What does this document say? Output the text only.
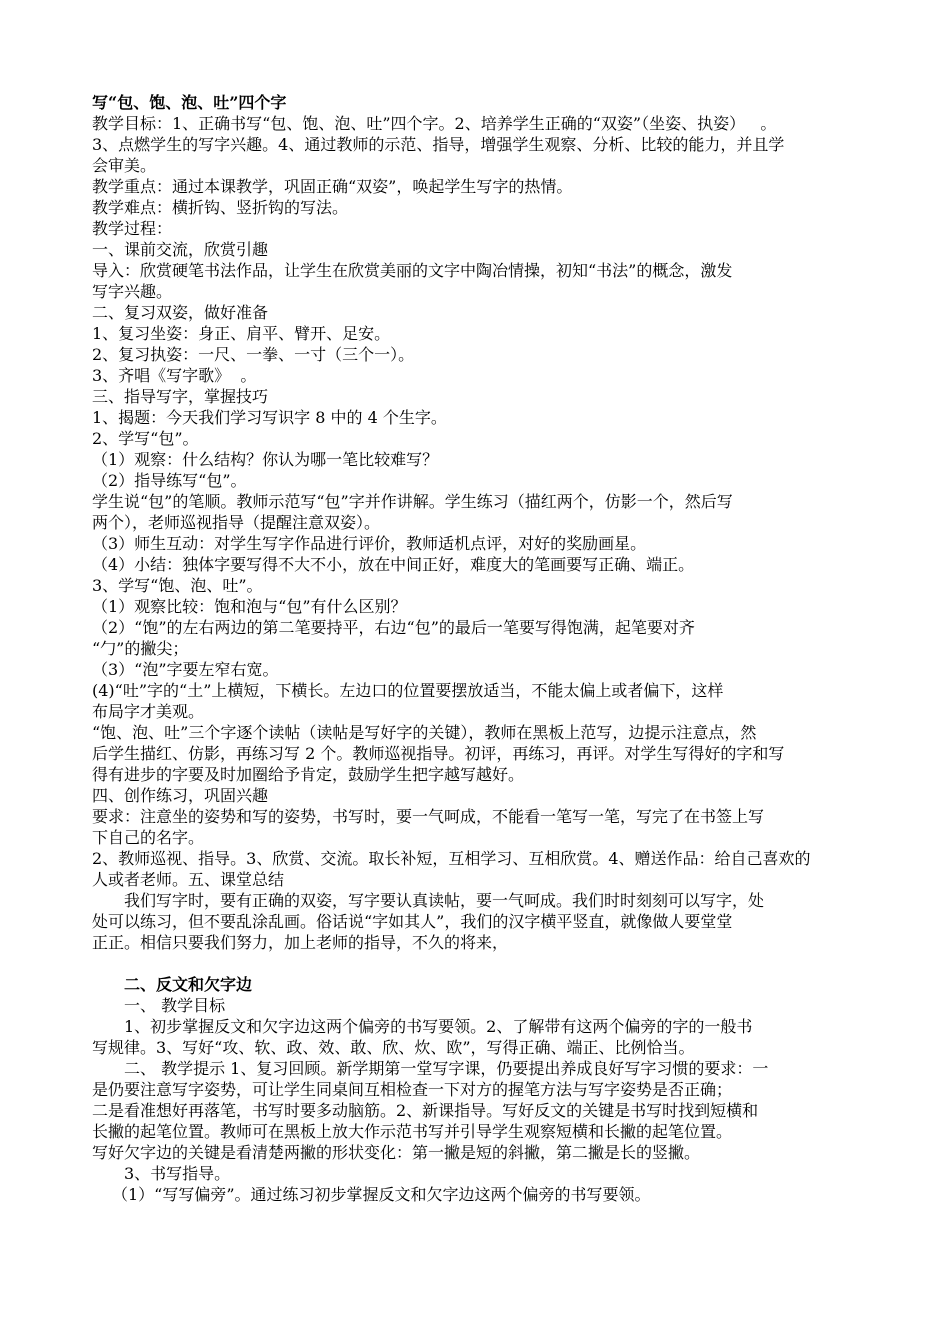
写“包、饱、泡、吐”四个字
教学目标：1、正确书写“包、饱、泡、吐”四个字。2、培养学生正确的“双姿”（坐姿、执姿）   。
3、点燃学生的写字兴趣。4、通过教师的示范、指导，增强学生观察、分析、比较的能力，并且学
会审美。
教学重点：通过本课教学，巩固正确“双姿”，唤起学生写字的热情。
教学难点：横折钩、竖折钩的写法。
教学过程：
一、课前交流，欣赏引趣
导入：欣赏硬笔书法作品，让学生在欣赏美丽的文字中陶冶情操，初知“书法”的概念，激发
写字兴趣。
二、复习双姿，做好准备
1、复习坐姿：身正、肩平、臂开、足安。
2、复习执姿：一尺、一拳、一寸（三个一）。
3、齐唱《写字歌》  。
三、指导写字，掌握技巧
1、揭题：今天我们学习写识字 8 中的 4 个生字。
2、学写“包”。
（1）观察：什么结构？你认为哪一笔比较难写？
（2）指导练写“包”。
学生说“包”的笔顺。教师示范写“包”字并作讲解。学生练习（描红两个，仿影一个，然后写
两个），老师巡视指导（提醒注意双姿）。
（3）师生互动：对学生写字作品进行评价，教师适机点评，对好的奖励画星。
（4）小结：独体字要写得不大不小，放在中间正好，难度大的笔画要写正确、端正。
3、学写“饱、泡、吐”。
（1）观察比较：饱和泡与“包”有什么区别？
（2）“饱”的左右两边的第二笔要持平，右边“包”的最后一笔要写得饱满，起笔要对齐
“勹”的撇尖；
（3）“泡”字要左窄右宽。
(4)“吐”字的“土”上横短，下横长。左边口的位置要摆放适当，不能太偏上或者偏下，这样
布局字才美观。
“饱、泡、吐”三个字逐个读帖（读帖是写好字的关键），教师在黑板上范写，边提示注意点，然
后学生描红、仿影，再练习写 2 个。教师巡视指导。初评，再练习，再评。对学生写得好的字和写
得有进步的字要及时加圈给予肯定，鼓励学生把字越写越好。
四、创作练习，巩固兴趣
要求：注意坐的姿势和写的姿势，书写时，要一气呵成，不能看一笔写一笔，写完了在书签上写
下自己的名字。
2、教师巡视、指导。3、欣赏、交流。取长补短，互相学习、互相欣赏。4、赠送作品：给自己喜欢的
人或者老师。五、课堂总结
我们写字时，要有正确的双姿，写字要认真读帖，要一气呵成。我们时时刻刻可以写字，处
处可以练习，但不要乱涂乱画。俗话说“字如其人”，我们的汉字横平竖直，就像做人要堂堂
正正。相信只要我们努力，加上老师的指导，不久的将来，
二、反文和欠字边
一、 教学目标
1、初步掌握反文和欠字边这两个偏旁的书写要领。2、了解带有这两个偏旁的字的一般书
写规律。3、写好“攻、软、政、效、敢、欣、炊、欧”，写得正确、端正、比例恰当。
二、 教学提示 1、复习回顾。新学期第一堂写字课，仍要提出养成良好写字习惯的要求：一
是仍要注意写字姿势，可让学生同桌间互相检查一下对方的握笔方法与写字姿势是否正确；
二是看准想好再落笔，书写时要多动脑筋。2、新课指导。写好反文的关键是书写时找到短横和
长撇的起笔位置。教师可在黑板上放大作示范书写并引导学生观察短横和长撇的起笔位置。
写好欠字边的关键是看清楚两撇的形状变化：第一撇是短的斜撇，第二撇是长的竖撇。
3、书写指导。
（1）“写写偏旁”。通过练习初步掌握反文和欠字边这两个偏旁的书写要领。
